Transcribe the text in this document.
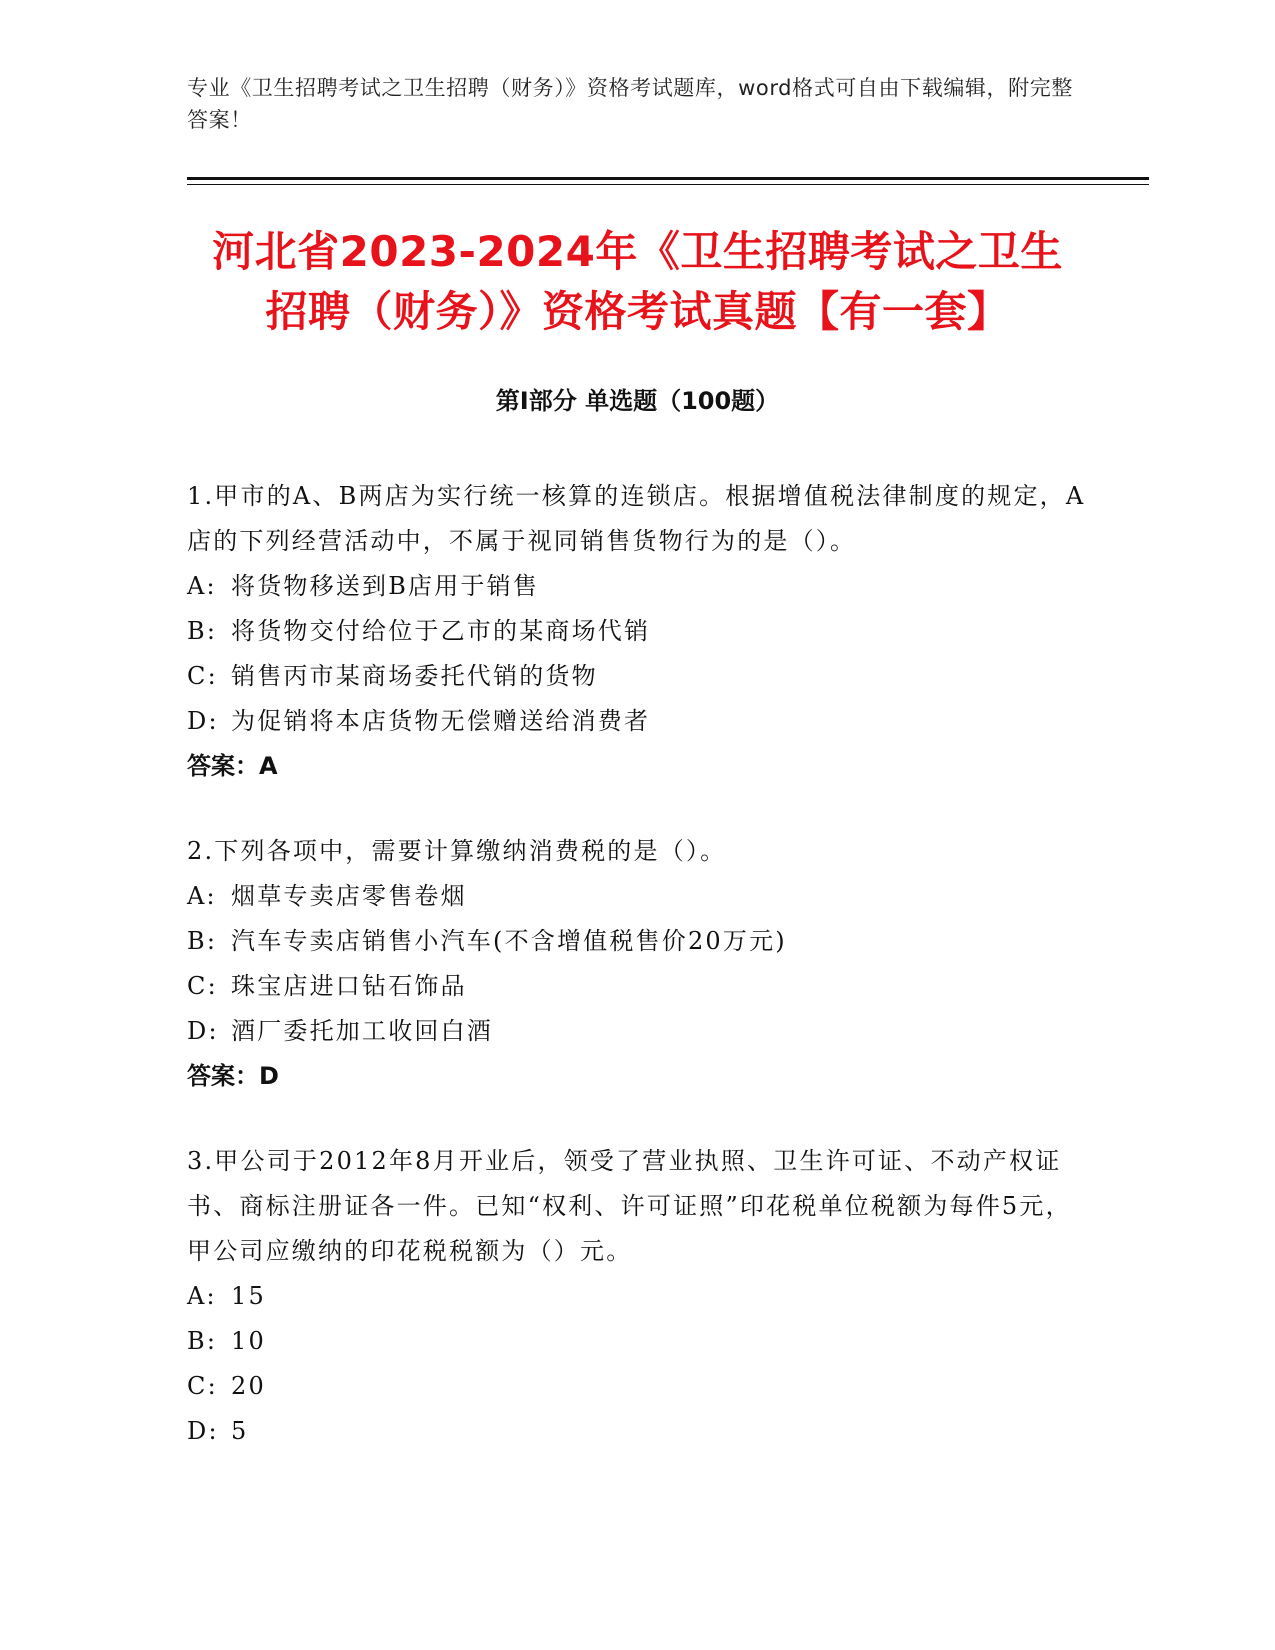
专业《卫生招聘考试之卫生招聘（财务）》资格考试题库，word格式可自由下载编辑，附完整答案！
河北省2023-2024年《卫生招聘考试之卫生
招聘（财务）》资格考试真题【有一套】
第Ⅰ部分 单选题（100题）

1.甲市的A、B两店为实行统一核算的连锁店。根据增值税法律制度的规定，A店的下列经营活动中，不属于视同销售货物行为的是（）。

A: 将货物移送到B店用于销售

B: 将货物交付给位于乙市的某商场代销

C: 销售丙市某商场委托代销的货物

D: 为促销将本店货物无偿赠送给消费者

答案：A

2.下列各项中，需要计算缴纳消费税的是（）。

A: 烟草专卖店零售卷烟

B: 汽车专卖店销售小汽车(不含增值税售价20万元)

C: 珠宝店进口钻石饰品

D: 酒厂委托加工收回白酒

答案：D

3.甲公司于2012年8月开业后，领受了营业执照、卫生许可证、不动产权证书、商标注册证各一件。已知“权利、许可证照”印花税单位税额为每件5元，甲公司应缴纳的印花税税额为（）元。

A: 15

B: 10

C: 20

D: 5
